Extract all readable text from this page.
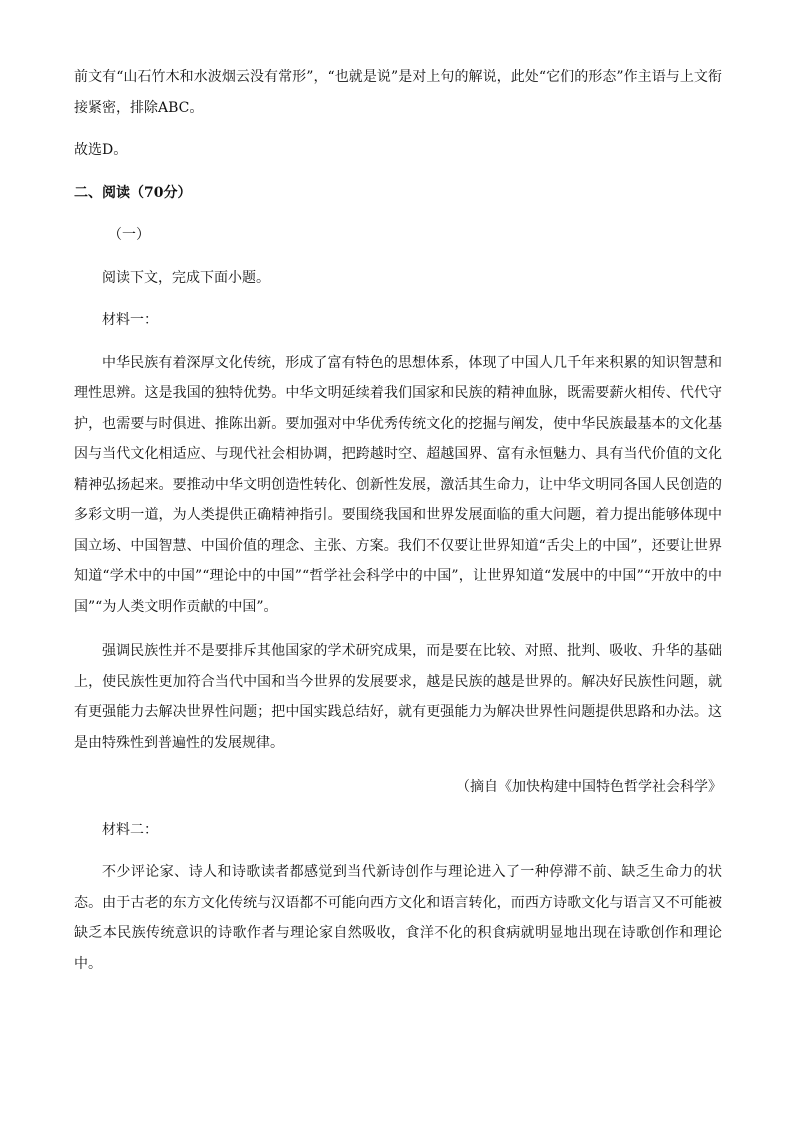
前文有“山石竹木和水波烟云没有常形”，“也就是说”是对上句的解说，此处“它们的形态”作主语与上文衔接紧密，排除ABC。

故选D。

二、阅读（70分）

（一）

阅读下文，完成下面小题。

材料一：

中华民族有着深厚文化传统，形成了富有特色的思想体系，体现了中国人几千年来积累的知识智慧和理性思辨。这是我国的独特优势。中华文明延续着我们国家和民族的精神血脉，既需要薪火相传、代代守护，也需要与时俱进、推陈出新。要加强对中华优秀传统文化的挖掘与阐发，使中华民族最基本的文化基因与当代文化相适应、与现代社会相协调，把跨越时空、超越国界、富有永恒魅力、具有当代价值的文化精神弘扬起来。要推动中华文明创造性转化、创新性发展，激活其生命力，让中华文明同各国人民创造的多彩文明一道，为人类提供正确精神指引。要围绕我国和世界发展面临的重大问题，着力提出能够体现中国立场、中国智慧、中国价值的理念、主张、方案。我们不仅要让世界知道“舌尖上的中国”，还要让世界知道“学术中的中国”“理论中的中国”“哲学社会科学中的中国”，让世界知道“发展中的中国”“开放中的中国”“为人类文明作贡献的中国”。

强调民族性并不是要排斥其他国家的学术研究成果，而是要在比较、对照、批判、吸收、升华的基础上，使民族性更加符合当代中国和当今世界的发展要求，越是民族的越是世界的。解决好民族性问题，就有更强能力去解决世界性问题；把中国实践总结好，就有更强能力为解决世界性问题提供思路和办法。这是由特殊性到普遍性的发展规律。

（摘自《加快构建中国特色哲学社会科学》

材料二：

不少评论家、诗人和诗歌读者都感觉到当代新诗创作与理论进入了一种停滞不前、缺乏生命力的状态。由于古老的东方文化传统与汉语都不可能向西方文化和语言转化，而西方诗歌文化与语言又不可能被缺乏本民族传统意识的诗歌作者与理论家自然吸收，食洋不化的积食病就明显地出现在诗歌创作和理论中。
